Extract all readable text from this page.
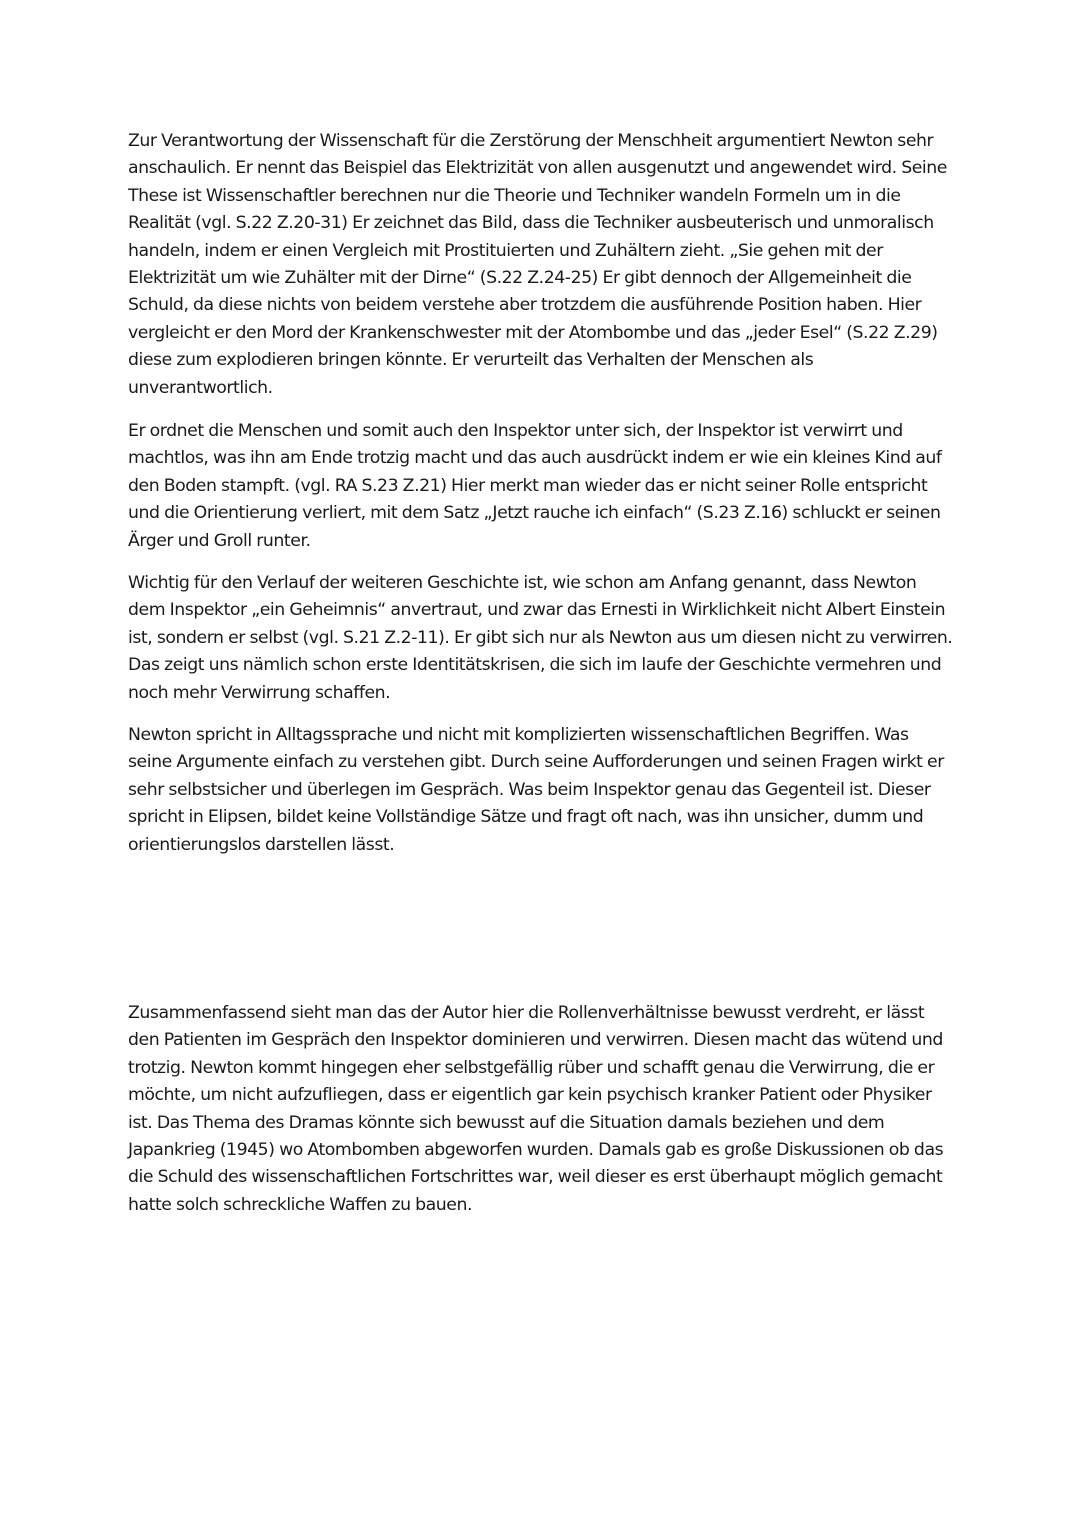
Zur Verantwortung der Wissenschaft für die Zerstörung der Menschheit argumentiert Newton sehr anschaulich. Er nennt das Beispiel das Elektrizität von allen ausgenutzt und angewendet wird. Seine These ist Wissenschaftler berechnen nur die Theorie und Techniker wandeln Formeln um in die Realität (vgl. S.22 Z.20-31) Er zeichnet das Bild, dass die Techniker ausbeuterisch und unmoralisch handeln, indem er einen Vergleich mit Prostituierten und Zuhältern zieht. „Sie gehen mit der Elektrizität um wie Zuhälter mit der Dirne“ (S.22 Z.24-25) Er gibt dennoch der Allgemeinheit die Schuld, da diese nichts von beidem verstehe aber trotzdem die ausführende Position haben. Hier vergleicht er den Mord der Krankenschwester mit der Atombombe und das „jeder Esel“ (S.22 Z.29) diese zum explodieren bringen könnte. Er verurteilt das Verhalten der Menschen als unverantwortlich.

Er ordnet die Menschen und somit auch den Inspektor unter sich, der Inspektor ist verwirrt und machtlos, was ihn am Ende trotzig macht und das auch ausdrückt indem er wie ein kleines Kind auf den Boden stampft. (vgl. RA S.23 Z.21) Hier merkt man wieder das er nicht seiner Rolle entspricht und die Orientierung verliert, mit dem Satz „Jetzt rauche ich einfach“ (S.23 Z.16) schluckt er seinen Ärger und Groll runter.

Wichtig für den Verlauf der weiteren Geschichte ist, wie schon am Anfang genannt, dass Newton dem Inspektor „ein Geheimnis“ anvertraut, und zwar das Ernesti in Wirklichkeit nicht Albert Einstein ist, sondern er selbst (vgl. S.21 Z.2-11). Er gibt sich nur als Newton aus um diesen nicht zu verwirren. Das zeigt uns nämlich schon erste Identitätskrisen, die sich im laufe der Geschichte vermehren und noch mehr Verwirrung schaffen.

Newton spricht in Alltagssprache und nicht mit komplizierten wissenschaftlichen Begriffen. Was seine Argumente einfach zu verstehen gibt. Durch seine Aufforderungen und seinen Fragen wirkt er sehr selbstsicher und überlegen im Gespräch. Was beim Inspektor genau das Gegenteil ist. Dieser spricht in Elipsen, bildet keine Vollständige Sätze und fragt oft nach, was ihn unsicher, dumm und orientierungslos darstellen lässt.

Zusammenfassend sieht man das der Autor hier die Rollenverhältnisse bewusst verdreht, er lässt den Patienten im Gespräch den Inspektor dominieren und verwirren. Diesen macht das wütend und trotzig. Newton kommt hingegen eher selbstgefällig rüber und schafft genau die Verwirrung, die er möchte, um nicht aufzufliegen, dass er eigentlich gar kein psychisch kranker Patient oder Physiker ist. Das Thema des Dramas könnte sich bewusst auf die Situation damals beziehen und dem Japankrieg (1945) wo Atombomben abgeworfen wurden. Damals gab es große Diskussionen ob das die Schuld des wissenschaftlichen Fortschrittes war, weil dieser es erst überhaupt möglich gemacht hatte solch schreckliche Waffen zu bauen.
